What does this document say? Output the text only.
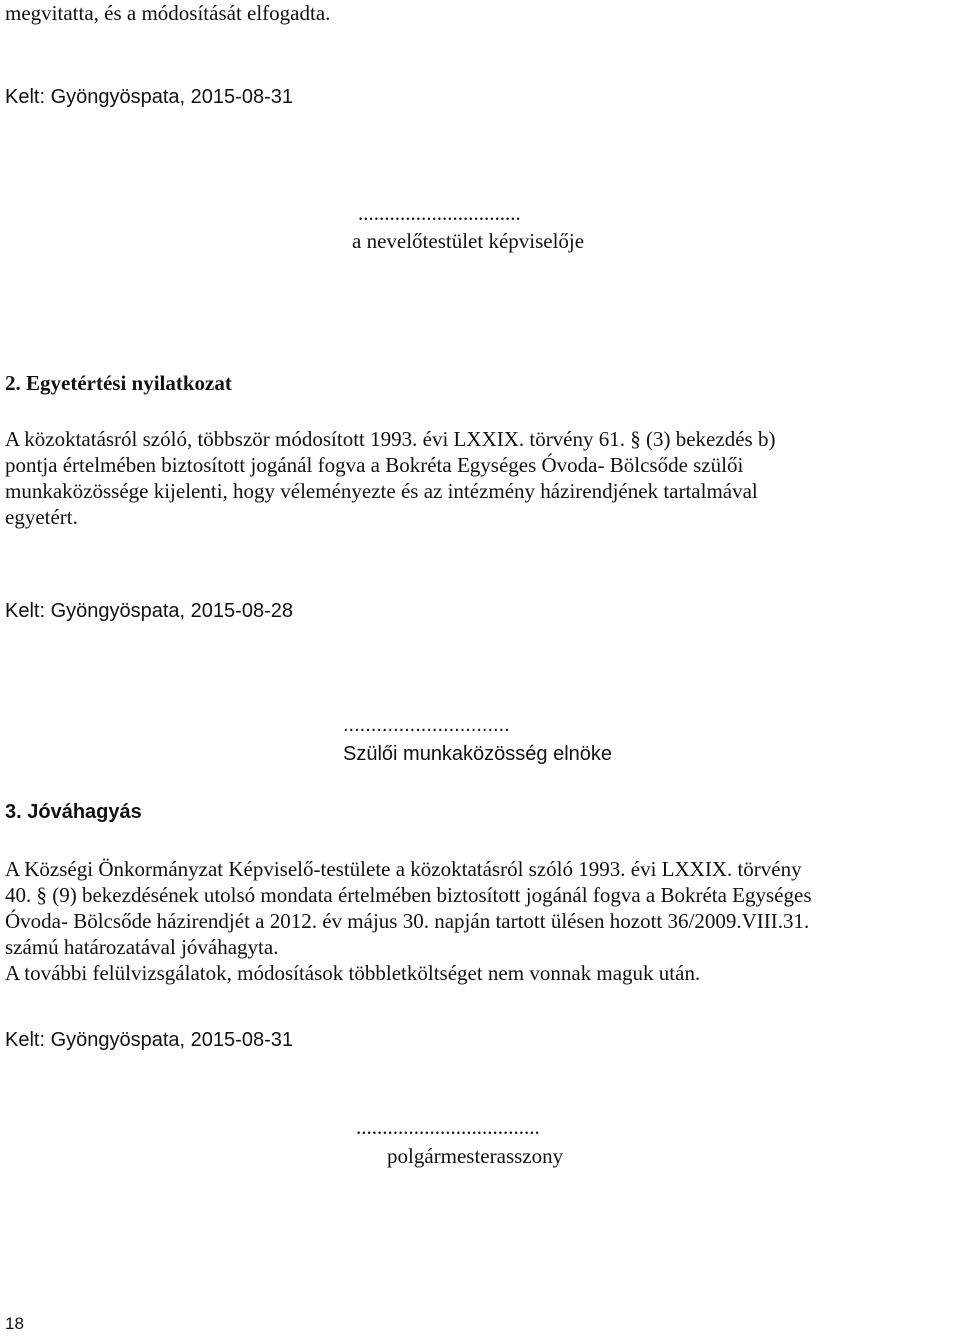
megvitatta, és a módosítását elfogadta.

Kelt: Gyöngyöspata, 2015-08-31

...............................

a nevelőtestület képviselője

2. Egyetértési nyilatkozat

A közoktatásról szóló, többször módosított 1993. évi LXXIX. törvény 61. § (3) bekezdés b)
pontja értelmében biztosított jogánál fogva a Bokréta Egységes Óvoda- Bölcsőde szülői
munkaközössége kijelenti, hogy véleményezte és az intézmény házirendjének tartalmával
egyetért.

Kelt: Gyöngyöspata, 2015-08-28

..............................

Szülői munkaközösség elnöke

3. Jóváhagyás

A Községi Önkormányzat Képviselő-testülete a közoktatásról szóló 1993. évi LXXIX. törvény
40. § (9) bekezdésének utolsó mondata értelmében biztosított jogánál fogva a Bokréta Egységes
Óvoda- Bölcsőde házirendjét a 2012. év május 30. napján tartott ülésen hozott 36/2009.VIII.31.
számú határozatával jóváhagyta.
A további felülvizsgálatok, módosítások többletköltséget nem vonnak maguk után.

Kelt: Gyöngyöspata, 2015-08-31

...................................

polgármesterasszony

18
